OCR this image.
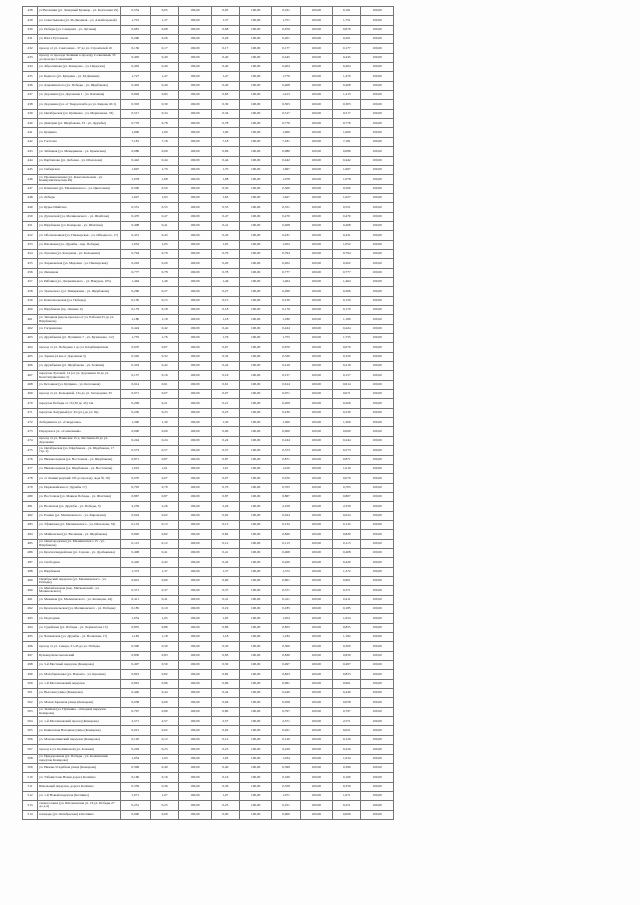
428	ул Весенняя (ул. Западный Бульвар - ул. Колхозная 25)	0,554	0,05	100,00	0,05	100,00	0,161	100,00	0,161	100,00
429	ул. Севастьянова (ул. М.Джалиля - ул. А.Кайсаровой)	1,701	1,37	100,00	1,37	100,00	1,751	100,00	1,751	100,00
430	ул. Победы (ул. Северная - ул. Луговая)	0,681	0,68	100,00	0,68	100,00	0,679	100,00	0,679	100,00
431	ул. Шота Руставели	0,260	0,26	100,00	0,26	100,00	0,201	100,00	0,201	100,00
432	проезд от ул. Самсонова - 37 до ул. Строителей 10	0,156	0,17	100,00	0,17	100,00	0,177	100,00	0,177	100,00
433	проезд от проезда Зелёный к проезду Солнечный, 35 до проезда Солнечный	0,405	0,40	100,00	0,40	100,00	0,445	100,00	0,445	100,00
434	ул. Абросимова (ул. Комарова - ул. Переулок)	0,402	0,40	100,00	0,40	100,00	0,404	100,00	0,404	100,00
435	ул. Бедного (ул. Куприна - ул. М.Дюкина)	1,727	1,47	100,00	1,47	100,00	1,770	100,00	1,470	100,00
436	ул. Дзержинского (ул. Победы - ул. Щербакова)	0,402	0,40	100,00	0,40	100,00	0,408	100,00	0,408	100,00
437	ул. Доронина (ул. Дорожная 1 - ул. Бахчевая)	0,829	0,83	100,00	0,83	100,00	1,413	100,00	1,413	100,00
438	ул. Доронина (ул. от Твердохлеба до ул. Кирова 45/1)	0,303	0,30	100,00	0,30	100,00	0,303	100,00	0,303	100,00
439	ул. Октябрьская (ул. Куликова - ул. Маршанова, 33)	0,517	0,34	100,00	0,34	100,00	0,517	100,00	0,517	100,00
440	ул. Дмитрия (ул. Щербакова, 33 - ул. Дружбы)	0,776	0,78	100,00	0,78	100,00	0,776	100,00	0,776	100,00
441	ул. Куприна	1,000	1,00	100,00	1,00	100,00	1,000	100,00	1,000	100,00
442	ул. Гастелло	7,181	7,18	100,00	7,18	100,00	7,181	100,00	7,181	100,00
443	ул. Зебицкая (ул. Мещерякова - ул. Крымская)	0,086	0,09	100,00	0,09	100,00	0,086	100,00	0,086	100,00
444	ул. Барбашова (ул. Дебовая - ул. Шолохова)	0,442	0,44	100,00	0,44	100,00	0,442	100,00	0,442	100,00
445	ул. Сибирская	1,697	1,70	100,00	1,70	100,00	1,697	100,00	1,697	100,00
446	ул. Промышленная (ул. Комсомольская - ул. Коммунистическая 49)	1,078	1,08	100,00	1,08	100,00	1,078	100,00	1,078	100,00
447	ул. Клинская (ул. Малиновского - ул. Цветочная)	0,500	0,50	100,00	0,50	100,00	0,500	100,00	0,500	100,00
448	ул. Лебеди	1,627	1,63	100,00	1,63	100,00	1,627	100,00	1,627	100,00
449	ул. Курье Шайтана	0,551	0,55	100,00	0,55	100,00	0,551	100,00	0,551	100,00
450	ул. Духовской (ул. Малиновского - ул. Шайтана)	0,470	0,47	100,00	0,47	100,00	0,470	100,00	0,470	100,00
451	ул. Щербакова (ул. Комарова - ул. Шахтная)	0,408	0,41	100,00	0,41	100,00	0,408	100,00	0,408	100,00
452	ул. Обозначенная (ул. Пионерская - ул. Обводного, 17)	0,431	0,43	100,00	0,43	100,00	0,431	100,00	0,431	100,00
453	ул. Шелковая (ул. Дружбы - пер. Победы)	1,052	1,05	100,00	1,05	100,00	1,052	100,00	1,052	100,00
454	ул. Луговая (ул. Кладовая - ул. Кольцевая)	0,794	0,79	100,00	0,79	100,00	0,794	100,00	0,794	100,00
455	ул. Харьковская (ул. Медовая - ул. Пионерская)	0,202	0,20	100,00	0,20	100,00	0,202	100,00	0,202	100,00
456	ул. Липецкая	0,777	0,78	100,00	0,78	100,00	0,777	100,00	0,777	100,00
457	ул. Рябчика (ул. Дзержинского - ул. Вакуров, 105)	1,464	1,46	100,00	1,46	100,00	1,464	100,00	1,464	100,00
458	ул. Уральского (ул. Тимирязева - ул. Щербакова)	0,266	0,27	100,00	0,27	100,00	0,266	100,00	0,266	100,00
459	ул. Комсомольская (ул. Победы)	0,150	0,15	100,00	0,15	100,00	0,150	100,00	0,150	100,00
460	ул. Щербакова (пр. Ленина, 9)	0,179	0,18	100,00	0,18	100,00	0,179	100,00	0,179	100,00
461	ул. Западная (вдоль проезда от ул. Рабочая 25 до ул. Щербакова)	1,180	1,18	100,00	1,18	100,00	1,180	100,00	1,180	100,00
462	ул. Гагаринская	0,424	0,42	100,00	0,42	100,00	0,424	100,00	0,424	100,00
463	ул. Дружбыная (ул. Пушкина 7 - ул. Кузнецова, 1/2)	1,755	1,76	100,00	1,76	100,00	1,755	100,00	1,755	100,00
464	проезд от ул. Победная 1 до ул. Кладбищенская	0,670	0,67	100,00	0,67	100,00	0,670	100,00	0,670	100,00
465	ул. Зорина (4 км от Дорожная 3)	0,320	0,32	100,00	0,32	100,00	0,320	100,00	0,320	100,00
466	ул. Дружбыная (ул. Щербакова - ул. Зелёная)	0,419	0,42	100,00	0,42	100,00	0,419	100,00	0,419	100,00
467	переулок Луговой, 14 (от ул. Дорожная 10 до ул. Конституционная, 5)	0,157	0,16	100,00	0,16	100,00	0,157	100,00	0,157	100,00
468	ул. Бетонная (ул. Куприна - ул. Котельная)	0,614	0,61	100,00	0,61	100,00	0,614	100,00	0,614	100,00
469	проезд от ул. Кольцевой, 13а до ул. Загородная, 35	0,071	0,07	100,00	0,07	100,00	0,071	100,00	0,071	100,00
470	переулок Победы от 1б (30 до 45) 14а	0,209	0,21	100,00	0,21	100,00	0,209	100,00	0,209	100,00
471	переулок Лазурный (от 43 (ул.) до ул. 8а)	0,230	0,23	100,00	0,23	100,00	0,230	100,00	0,230	100,00
472	Лебединая в ул. «Свердлова»	1,300	1,30	100,00	1,30	100,00	1,300	100,00	1,300	100,00
473	Переулок в ул. «Солнечный»	0,000	0,00	100,00	0,00	100,00	0,000	100,00	0,000	100,00
474	проезд от ул. Воинская 15 д. Лиственя 20 до ул. Дорожная	0,244	0,24	100,00	0,24	100,00	0,244	100,00	0,244	100,00
475	ул. Октябрьская (ул. Щербакова - ул. Щербакова, 17 стр. 2)	0,573	0,57	100,00	0,57	100,00	0,573	100,00	0,573	100,00
476	ул. Нижнеозерная (ул. Восточная - ул. Щербакова)	0,871	0,87	100,00	0,87	100,00	0,871	100,00	0,871	100,00
477	ул. Нижнеозерная (ул. Щербакова - ул. Восточная)	1,010	1,01	100,00	1,01	100,00	1,010	100,00	1,010	100,00
478	ул. от Ленинградский 15б до проезду льда № 19)	0,070	0,07	100,00	0,07	100,00	0,070	100,00	0,070	100,00
479	ул. Первомайская от Дружбы 17)	0,705	0,70	100,00	0,70	100,00	0,705	100,00	0,705	100,00
480	ул. Восточная (ул. Маяков Победы - ул. Шахтная)	0,867	0,87	100,00	0,87	100,00	0,867	100,00	0,867	100,00
481	ул. Волжская (ул. Дружбы - ул. Победы, 5)	2,259	2,26	100,00	2,26	100,00	2,259	100,00	2,259	100,00
482	ул. Разина (ул. Малиновского - ул. Кировская)	0,024	0,02	100,00	0,02	100,00	0,024	100,00	0,024	100,00
483	ул. Уфимская (ул. Малиновского - ул. Шолохова, 33)	0,132	0,13	100,00	0,13	100,00	0,132	100,00	0,132	100,00
484	ул. Майкопская (ул. Весенняя - ул. Щербакова)	0,820	0,82	100,00	0,82	100,00	0,820	100,00	0,820	100,00
485	ул. Окнегородская (ул. Малиновского 15 - ул. Щербакова)	0,115	0,12	100,00	0,12	100,00	0,115	100,00	0,115	100,00
486	ул. Красногвардейская (ул. Серова - ул. Дробышева)	0,408	0,41	100,00	0,41	100,00	0,408	100,00	0,408	100,00
487	ул. Свободная	0,420	0,42	100,00	0,42	100,00	0,420	100,00	0,420	100,00
488	ул. Щербакова	1,372	1,37	100,00	1,37	100,00	1,372	100,00	1,372	100,00
489	Октябрьский переулок (ул. Малиновского - ул. Победы)	0,601	0,60	100,00	0,60	100,00	0,601	100,00	0,601	100,00
490	ул. Михайловская (пер. Матвеевский - ул. Малиновского)	0,371	0,37	100,00	0,37	100,00	0,371	100,00	0,371	100,00
491	ул. Межевая (ул. Малиновского - ул. Кольцова, 44)	0,411	0,41	100,00	0,41	100,00	0,411	100,00	0,411	100,00
492	ул. Краснопольская (ул. Малиновского - ул. Победы)	0,185	0,19	100,00	0,19	100,00	0,185	100,00	0,185	100,00
493	ул. Подгорная	1,054	1,05	100,00	1,05	100,00	1,054	100,00	1,054	100,00
494	ул. Судейская (ул. Победы - ул. Лермонтова 15)	0,855	0,86	100,00	0,86	100,00	0,855	100,00	0,855	100,00
495	ул. Чапаевская (ул. Дружбы - ул. Волжская, 17)	1,182	1,18	100,00	1,18	100,00	1,182	100,00	1,182	100,00
496	проезд от ул. Севера, 31-45 до ул. Победы	0,300	0,30	100,00	0,30	100,00	0,300	100,00	0,300	100,00
497	Бульвар Комсомольский	0,830	0,83	100,00	0,83	100,00	0,830	100,00	0,830	100,00
498	ул. 3-й Местный переулок (Комарова)	0,497	0,50	100,00	0,50	100,00	0,497	100,00	0,497	100,00
499	ул. Малобрюховка (ул. Валента - ул. Красина)	0,823	0,82	100,00	0,82	100,00	0,823	100,00	0,823	100,00
500	ул. 1-й Молчановский переулок	0,961	0,96	100,00	0,96	100,00	0,961	100,00	0,961	100,00
501	ул. Высокая улица (Комарова)	0,440	0,44	100,00	0,44	100,00	0,440	100,00	0,440	100,00
502	ул. Малая Заречная улица (Комарова)	0,058	0,06	100,00	0,06	100,00	0,058	100,00	0,058	100,00
503	ул. Зелёная (ул. Пушкина - обходной переулок Комарова)	0,797	0,80	100,00	0,80	100,00	0,797	100,00	0,797	100,00
504	ул. 1-й Молчановский проезд (Комарова)	2,571	2,57	100,00	2,57	100,00	2,571	100,00	2,571	100,00
505	ул. Кавказская Нагорная улица (Комарова)	0,021	0,02	100,00	0,02	100,00	0,021	100,00	0,021	100,00
506	ул. Малоколпинский переулок (Комарова)	0,120	0,12	100,00	0,12	100,00	0,120	100,00	0,120	100,00
507	проезд к ул. Колпинской (ул. Зеленая)	0,229	0,23	100,00	0,23	100,00	0,229	100,00	0,229	100,00
508	ул. Придорожная (ул. Победы - ул. Колпинский переулок Комарова)	1,034	1,03	100,00	1,03	100,00	1,034	100,00	1,034	100,00
509	ул. Нижне-Усадебная улица (Комарова)	0,399	0,40	100,00	0,40	100,00	0,399	100,00	0,399	100,00
510	ул. Узбекистана Новая дорога Колпино	0,160	0,16	100,00	0,16	100,00	0,160	100,00	0,160	100,00
511	Школьный переулок, дорога Колпино	0,359	0,36	100,00	0,36	100,00	0,359	100,00	0,359	100,00
512	ул. 1-й Новый переулок (Колпино)	1,071	1,07	100,00	1,07	100,00	1,071	100,00	1,071	100,00
513	спекоголовка (ул. Шесаковская ул. 16 ул. Победы 27 до д.4)	0,251	0,25	100,00	0,25	100,00	0,251	100,00	0,251	100,00
514	площадь (ул. Октябрьская) в Колпино	0,000	0,00	100,00	0,00	100,00	0,000	100,00	0,000	100,00
